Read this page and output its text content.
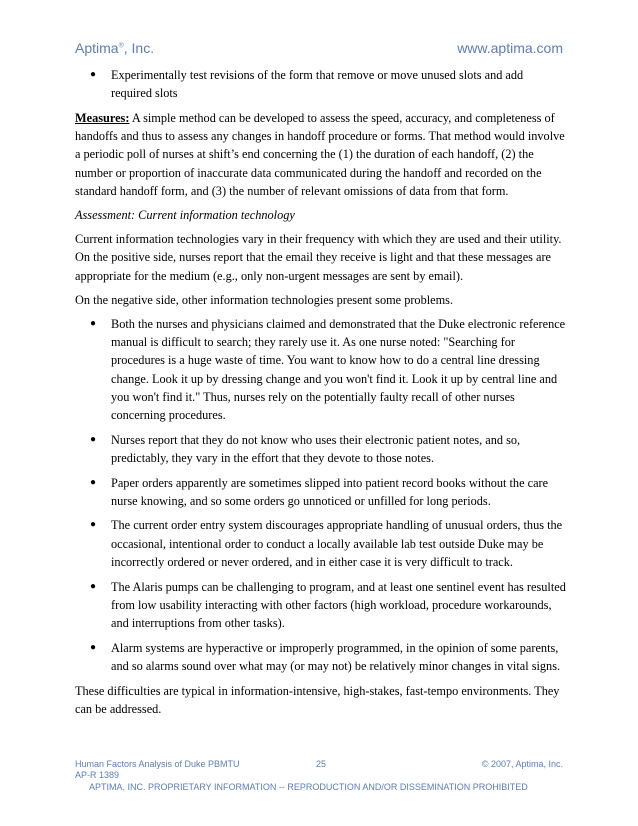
Aptima®, Inc.	www.aptima.com
● Experimentally test revisions of the form that remove or move unused slots and add required slots

Measures: A simple method can be developed to assess the speed, accuracy, and completeness of handoffs and thus to assess any changes in handoff procedure or forms. That method would involve a periodic poll of nurses at shift’s end concerning the (1) the duration of each handoff, (2) the number or proportion of inaccurate data communicated during the handoff and recorded on the standard handoff form, and (3) the number of relevant omissions of data from that form.

Assessment: Current information technology

Current information technologies vary in their frequency with which they are used and their utility. On the positive side, nurses report that the email they receive is light and that these messages are appropriate for the medium (e.g., only non-urgent messages are sent by email).

On the negative side, other information technologies present some problems.

● Both the nurses and physicians claimed and demonstrated that the Duke electronic reference manual is difficult to search; they rarely use it. As one nurse noted: "Searching for procedures is a huge waste of time. You want to know how to do a central line dressing change. Look it up by dressing change and you won't find it. Look it up by central line and you won't find it." Thus, nurses rely on the potentially faulty recall of other nurses concerning procedures.
● Nurses report that they do not know who uses their electronic patient notes, and so, predictably, they vary in the effort that they devote to those notes.
● Paper orders apparently are sometimes slipped into patient record books without the care nurse knowing, and so some orders go unnoticed or unfilled for long periods.
● The current order entry system discourages appropriate handling of unusual orders, thus the occasional, intentional order to conduct a locally available lab test outside Duke may be incorrectly ordered or never ordered, and in either case it is very difficult to track.
● The Alaris pumps can be challenging to program, and at least one sentinel event has resulted from low usability interacting with other factors (high workload, procedure workarounds, and interruptions from other tasks).
● Alarm systems are hyperactive or improperly programmed, in the opinion of some parents, and so alarms sound over what may (or may not) be relatively minor changes in vital signs.

These difficulties are typical in information-intensive, high-stakes, fast-tempo environments. They can be addressed.

Human Factors Analysis of Duke PBMTU	25	© 2007, Aptima, Inc.
AP-R 1389
APTIMA, INC. PROPRIETARY INFORMATION -- REPRODUCTION AND/OR DISSEMINATION PROHIBITED
